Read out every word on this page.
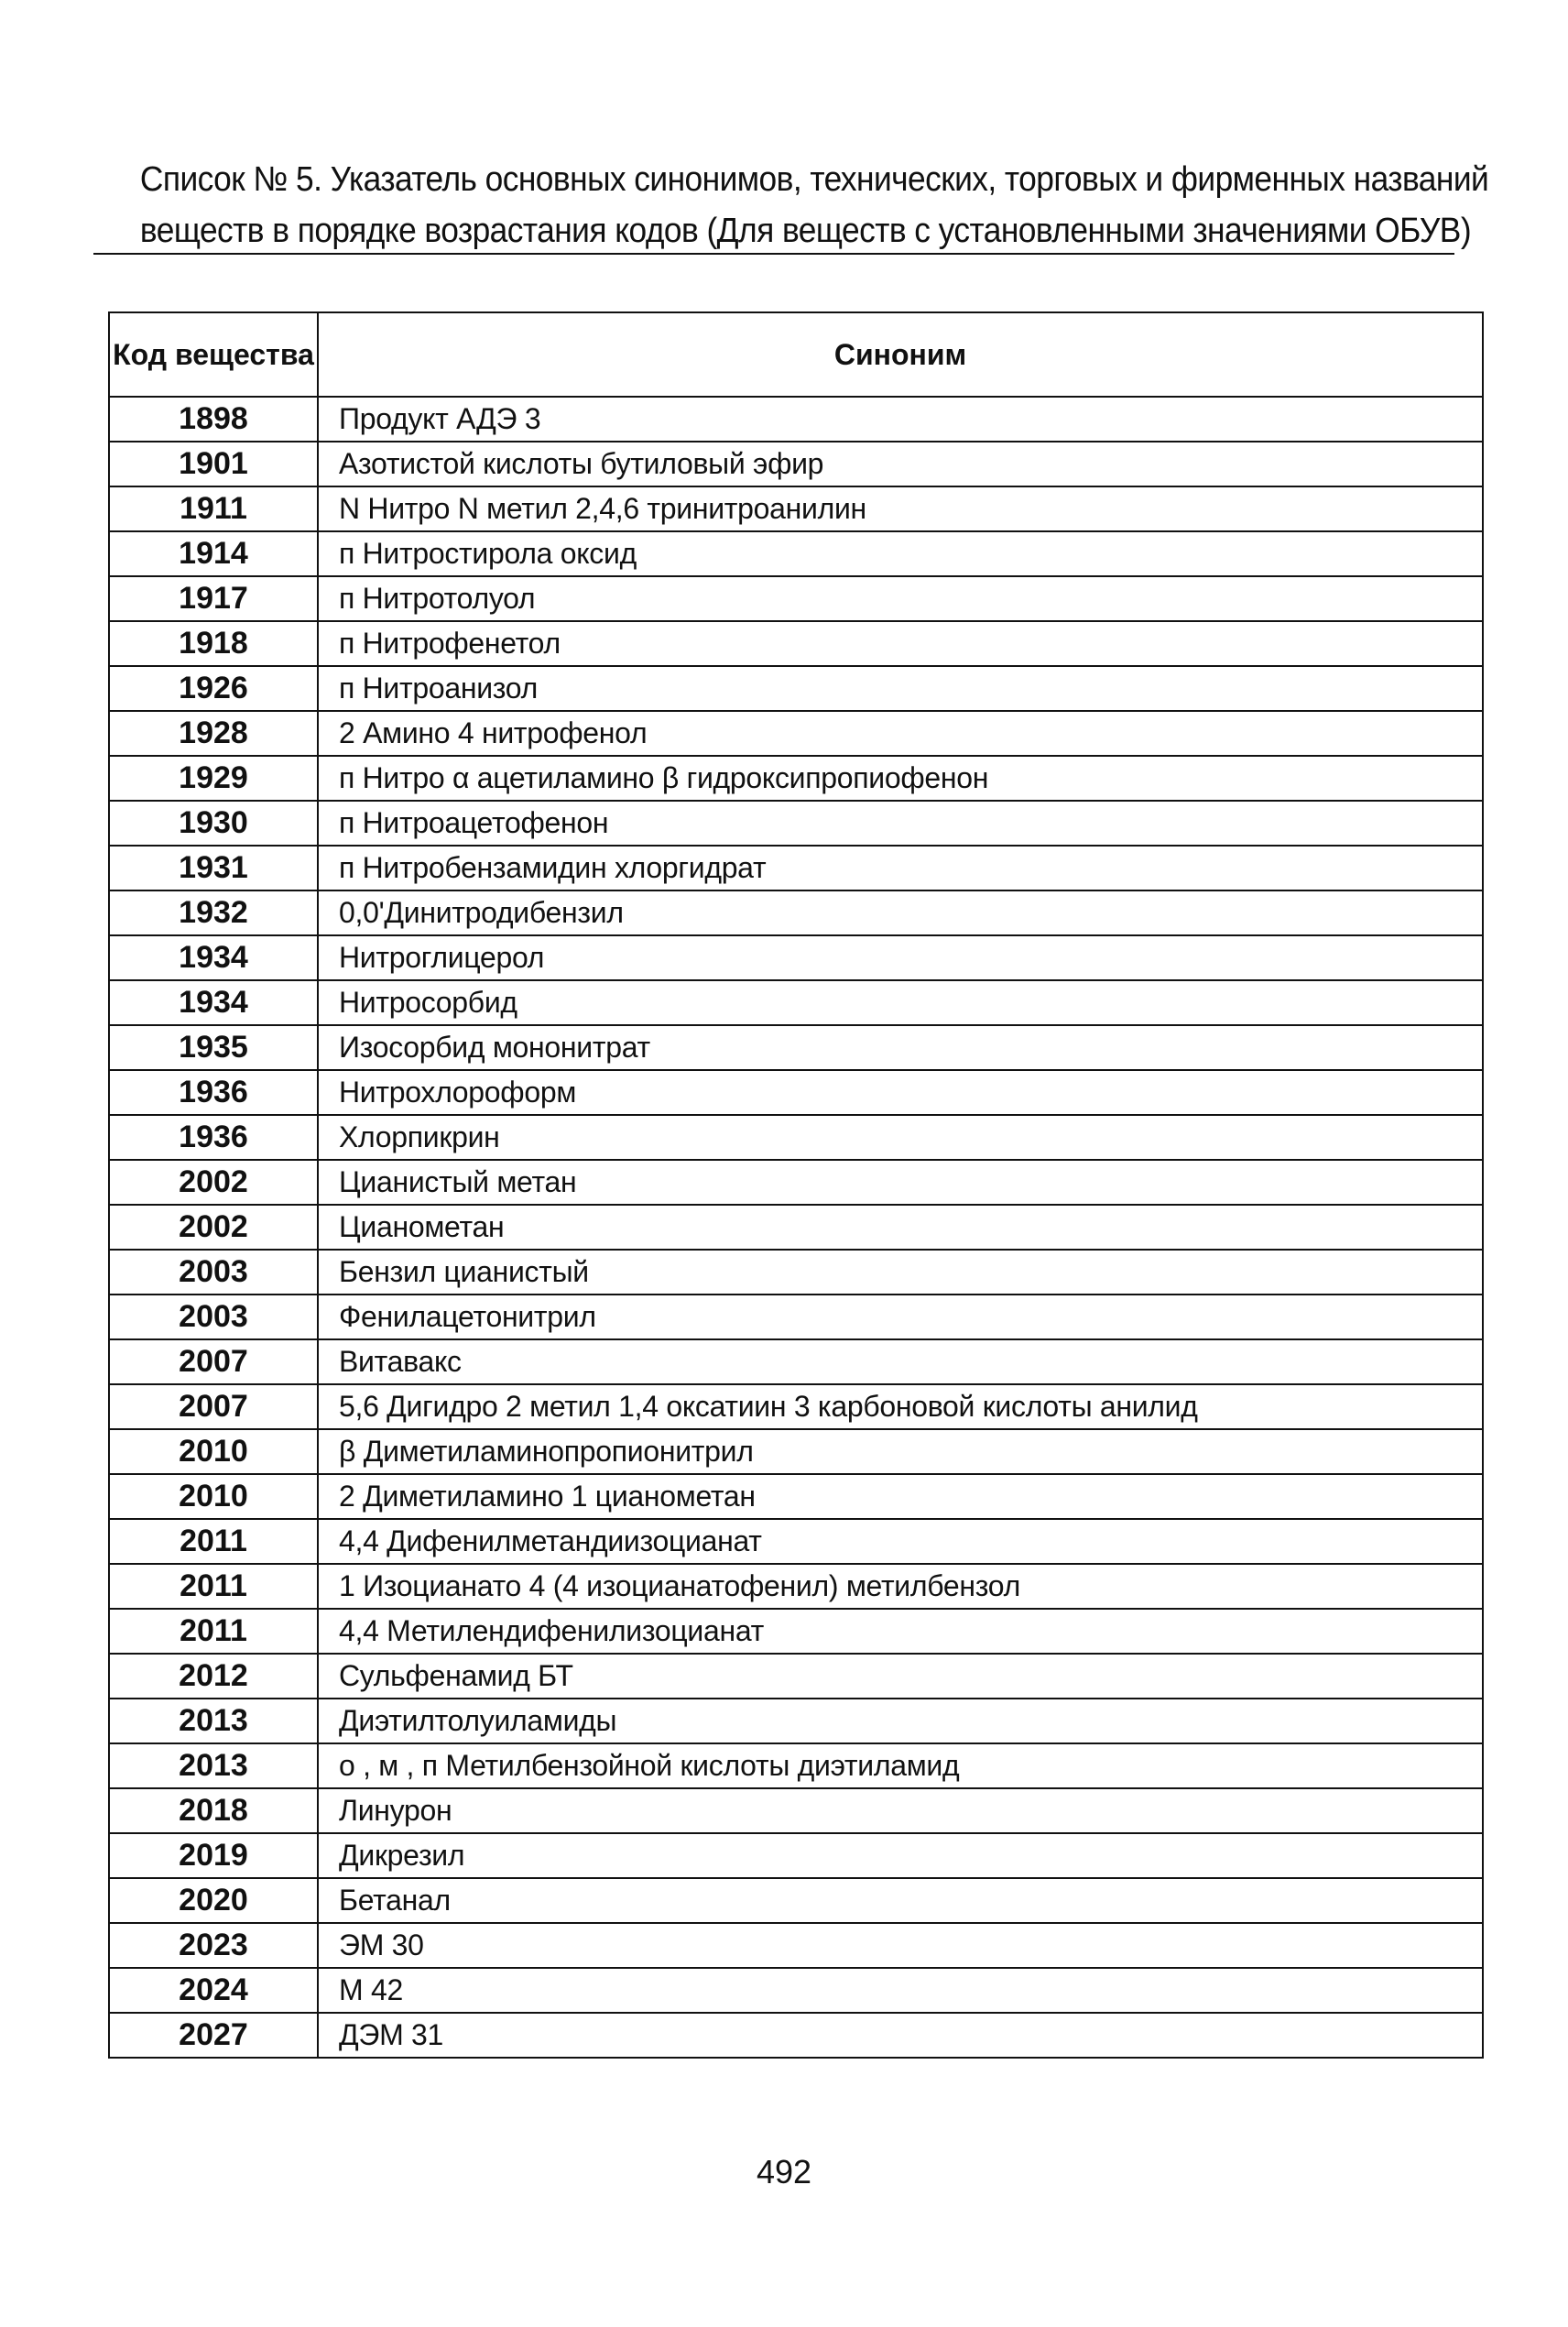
Список № 5. Указатель основных синонимов, технических, торговых и фирменных названий
веществ в порядке возрастания кодов (Для веществ с установленными значениями ОБУВ)
Код вещества	Синоним
1898	Продукт АДЭ 3
1901	Азотистой кислоты бутиловый эфир
1911	N Нитро N метил 2,4,6 тринитроанилин
1914	п Нитростирола оксид
1917	п Нитротолуол
1918	п Нитрофенетол
1926	п Нитроанизол
1928	2 Амино 4 нитрофенол
1929	п Нитро α ацетиламино β гидроксипропиофенон
1930	п Нитроацетофенон
1931	п Нитробензамидин хлоргидрат
1932	0,0'Динитродибензил
1934	Нитроглицерол
1934	Нитросорбид
1935	Изосорбид мононитрат
1936	Нитрохлороформ
1936	Хлорпикрин
2002	Цианистый метан
2002	Цианометан
2003	Бензил цианистый
2003	Фенилацетонитрил
2007	Витавакс
2007	5,6 Дигидро 2 метил 1,4 оксатиин 3 карбоновой кислоты анилид
2010	β Диметиламинопропионитрил
2010	2 Диметиламино 1 цианометан
2011	4,4 Дифенилметандиизоцианат
2011	1 Изоцианато 4 (4 изоцианатофенил) метилбензол
2011	4,4 Метилендифенилизоцианат
2012	Сульфенамид БТ
2013	Диэтилтолуиламиды
2013	о , м , п Метилбензойной кислоты диэтиламид
2018	Линурон
2019	Дикрезил
2020	Бетанал
2023	ЭМ 30
2024	М 42
2027	ДЭМ 31
492
